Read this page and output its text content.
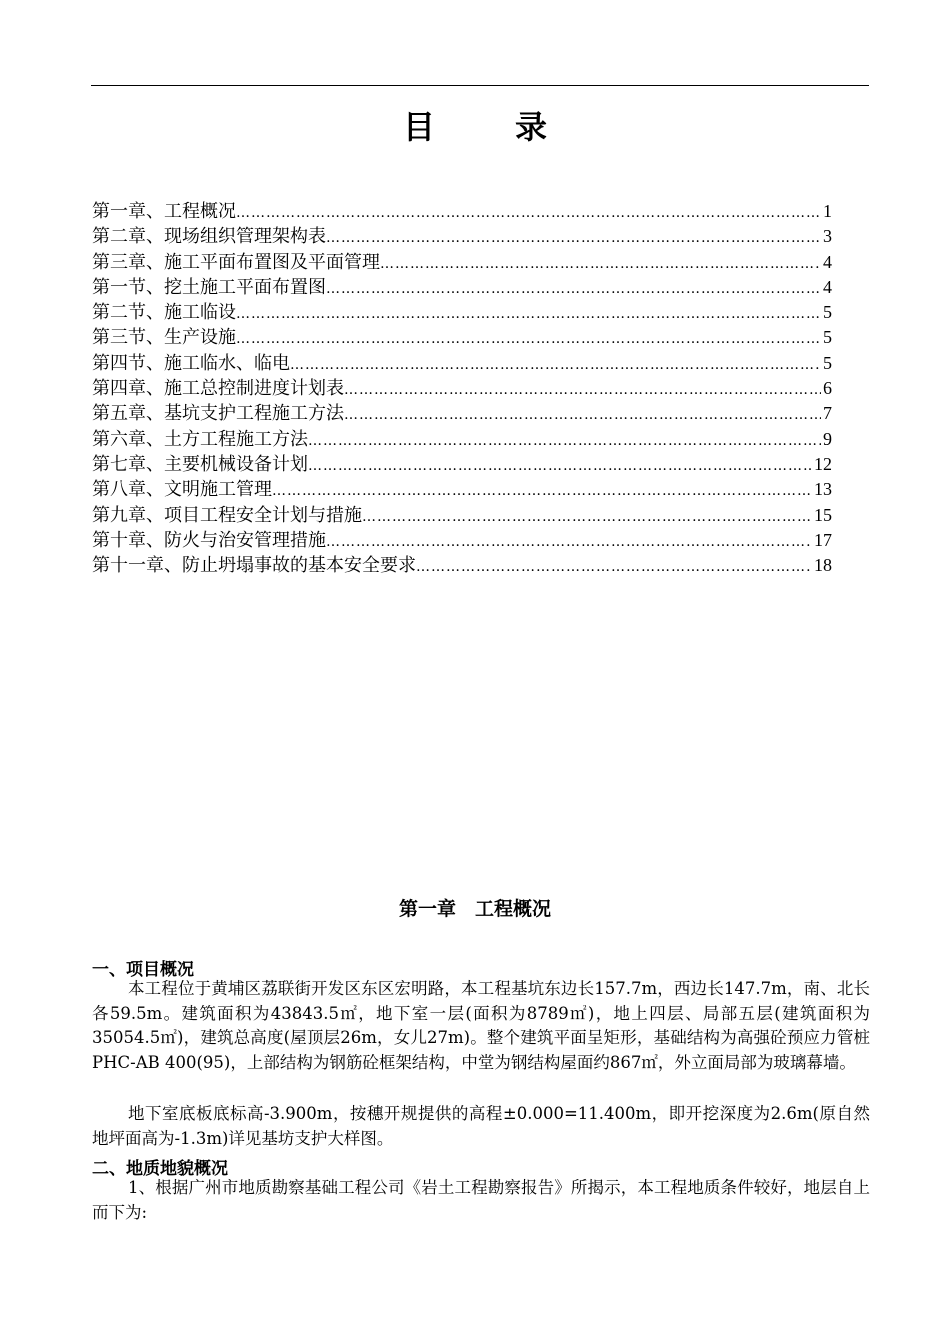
目　录
第一章、工程概况 ……………………………………………………………………………………………………………………………………	1
第二章、现场组织管理架构表 ……………………………………………………………………………………………………………………………………	3
第三章、施工平面布置图及平面管理 ……………………………………………………………………………………………………………………………………	4
第一节、挖土施工平面布置图 ……………………………………………………………………………………………………………………………………	4
第二节、施工临设 ……………………………………………………………………………………………………………………………………	5
第三节、生产设施 ……………………………………………………………………………………………………………………………………	5
第四节、施工临水、临电 ……………………………………………………………………………………………………………………………………	5
第四章、施工总控制进度计划表 ……………………………………………………………………………………………………………………………………	6
第五章、基坑支护工程施工方法 ……………………………………………………………………………………………………………………………………	7
第六章、土方工程施工方法 ……………………………………………………………………………………………………………………………………	9
第七章、主要机械设备计划 ……………………………………………………………………………………………………………………………………	12
第八章、文明施工管理 ……………………………………………………………………………………………………………………………………	13
第九章、项目工程安全计划与措施 ……………………………………………………………………………………………………………………………………	15
第十章、防火与治安管理措施 ……………………………………………………………………………………………………………………………………	17
第十一章、防止坍塌事故的基本安全要求 ……………………………………………………………………………………………………………………………………	18
第一章　工程概况
一、项目概况
本工程位于黄埔区荔联街开发区东区宏明路，本工程基坑东边长157.7m，西边长147.7m，南、北长各59.5m。建筑面积为43843.5㎡，地下室一层(面积为8789㎡)，地上四层、局部五层(建筑面积为35054.5㎡)，建筑总高度(屋顶层26m，女儿27m)。整个建筑平面呈矩形，基础结构为高强砼预应力管桩PHC-AB 400(95)，上部结构为钢筋砼框架结构，中堂为钢结构屋面约867㎡，外立面局部为玻璃幕墙。
地下室底板底标高-3.900m，按穗开规提供的高程±0.000=11.400m，即开挖深度为2.6m(原自然地坪面高为-1.3m)详见基坊支护大样图。
二、地质地貌概况
1、根据广州市地质勘察基础工程公司《岩土工程勘察报告》所揭示，本工程地质条件较好，地层自上而下为:
